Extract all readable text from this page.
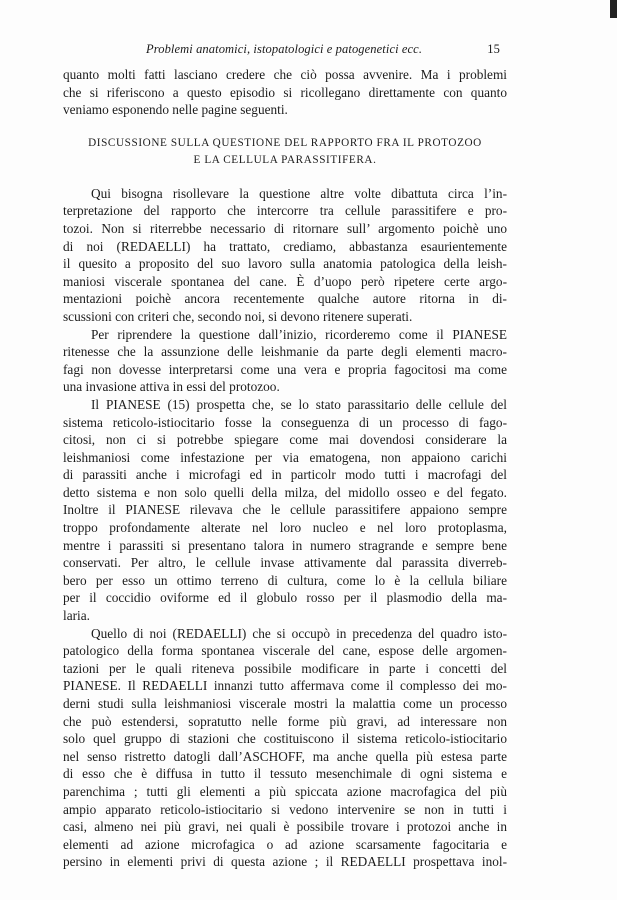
Problemi anatomici, istopatologici e patogenetici ecc.	15
quanto molti fatti lasciano credere che ciò possa avvenire. Ma i problemi
che si riferiscono a questo episodio si ricollegano direttamente con quanto
veniamo esponendo nelle pagine seguenti.
DISCUSSIONE SULLA QUESTIONE DEL RAPPORTO FRA IL PROTOZOO
E LA CELLULA PARASSITIFERA.
Qui bisogna risollevare la questione altre volte dibattuta circa l’in-
terpretazione del rapporto che intercorre tra cellule parassitifere e pro-
tozoi. Non si riterrebbe necessario di ritornare sull’ argomento poichè uno
di noi (REDAELLI) ha trattato, crediamo, abbastanza esaurientemente
il quesito a proposito del suo lavoro sulla anatomia patologica della leish-
maniosi viscerale spontanea del cane. È d’uopo però ripetere certe argo-
mentazioni poichè ancora recentemente qualche autore ritorna in di-
scussioni con criteri che, secondo noi, si devono ritenere superati.
Per riprendere la questione dall’inizio, ricorderemo come il PIANESE
ritenesse che la assunzione delle leishmanie da parte degli elementi macro-
fagi non dovesse interpretarsi come una vera e propria fagocitosi ma come
una invasione attiva in essi del protozoo.
Il PIANESE (15) prospetta che, se lo stato parassitario delle cellule del
sistema reticolo-istiocitario fosse la conseguenza di un processo di fago-
citosi, non ci si potrebbe spiegare come mai dovendosi considerare la
leishmaniosi come infestazione per via ematogena, non appaiono carichi
di parassiti anche i microfagi ed in particolr modo tutti i macrofagi del
detto sistema e non solo quelli della milza, del midollo osseo e del fegato.
Inoltre il PIANESE rilevava che le cellule parassitifere appaiono sempre
troppo profondamente alterate nel loro nucleo e nel loro protoplasma,
mentre i parassiti si presentano talora in numero stragrande e sempre bene
conservati. Per altro, le cellule invase attivamente dal parassita diverreb-
bero per esso un ottimo terreno di cultura, come lo è la cellula biliare
per il coccidio oviforme ed il globulo rosso per il plasmodio della ma-
laria.
Quello di noi (REDAELLI) che si occupò in precedenza del quadro isto-
patologico della forma spontanea viscerale del cane, espose delle argomen-
tazioni per le quali riteneva possibile modificare in parte i concetti del
PIANESE. Il REDAELLI innanzi tutto affermava come il complesso dei mo-
derni studi sulla leishmaniosi viscerale mostri la malattia come un processo
che può estendersi, sopratutto nelle forme più gravi, ad interessare non
solo quel gruppo di stazioni che costituiscono il sistema reticolo-istiocitario
nel senso ristretto datogli dall’ASCHOFF, ma anche quella più estesa parte
di esso che è diffusa in tutto il tessuto mesenchimale di ogni sistema e
parenchima ; tutti gli elementi a più spiccata azione macrofagica del più
ampio apparato reticolo-istiocitario si vedono intervenire se non in tutti i
casi, almeno nei più gravi, nei quali è possibile trovare i protozoi anche in
elementi ad azione microfagica o ad azione scarsamente fagocitaria e
persino in elementi privi di questa azione ; il REDAELLI prospettava inol-
